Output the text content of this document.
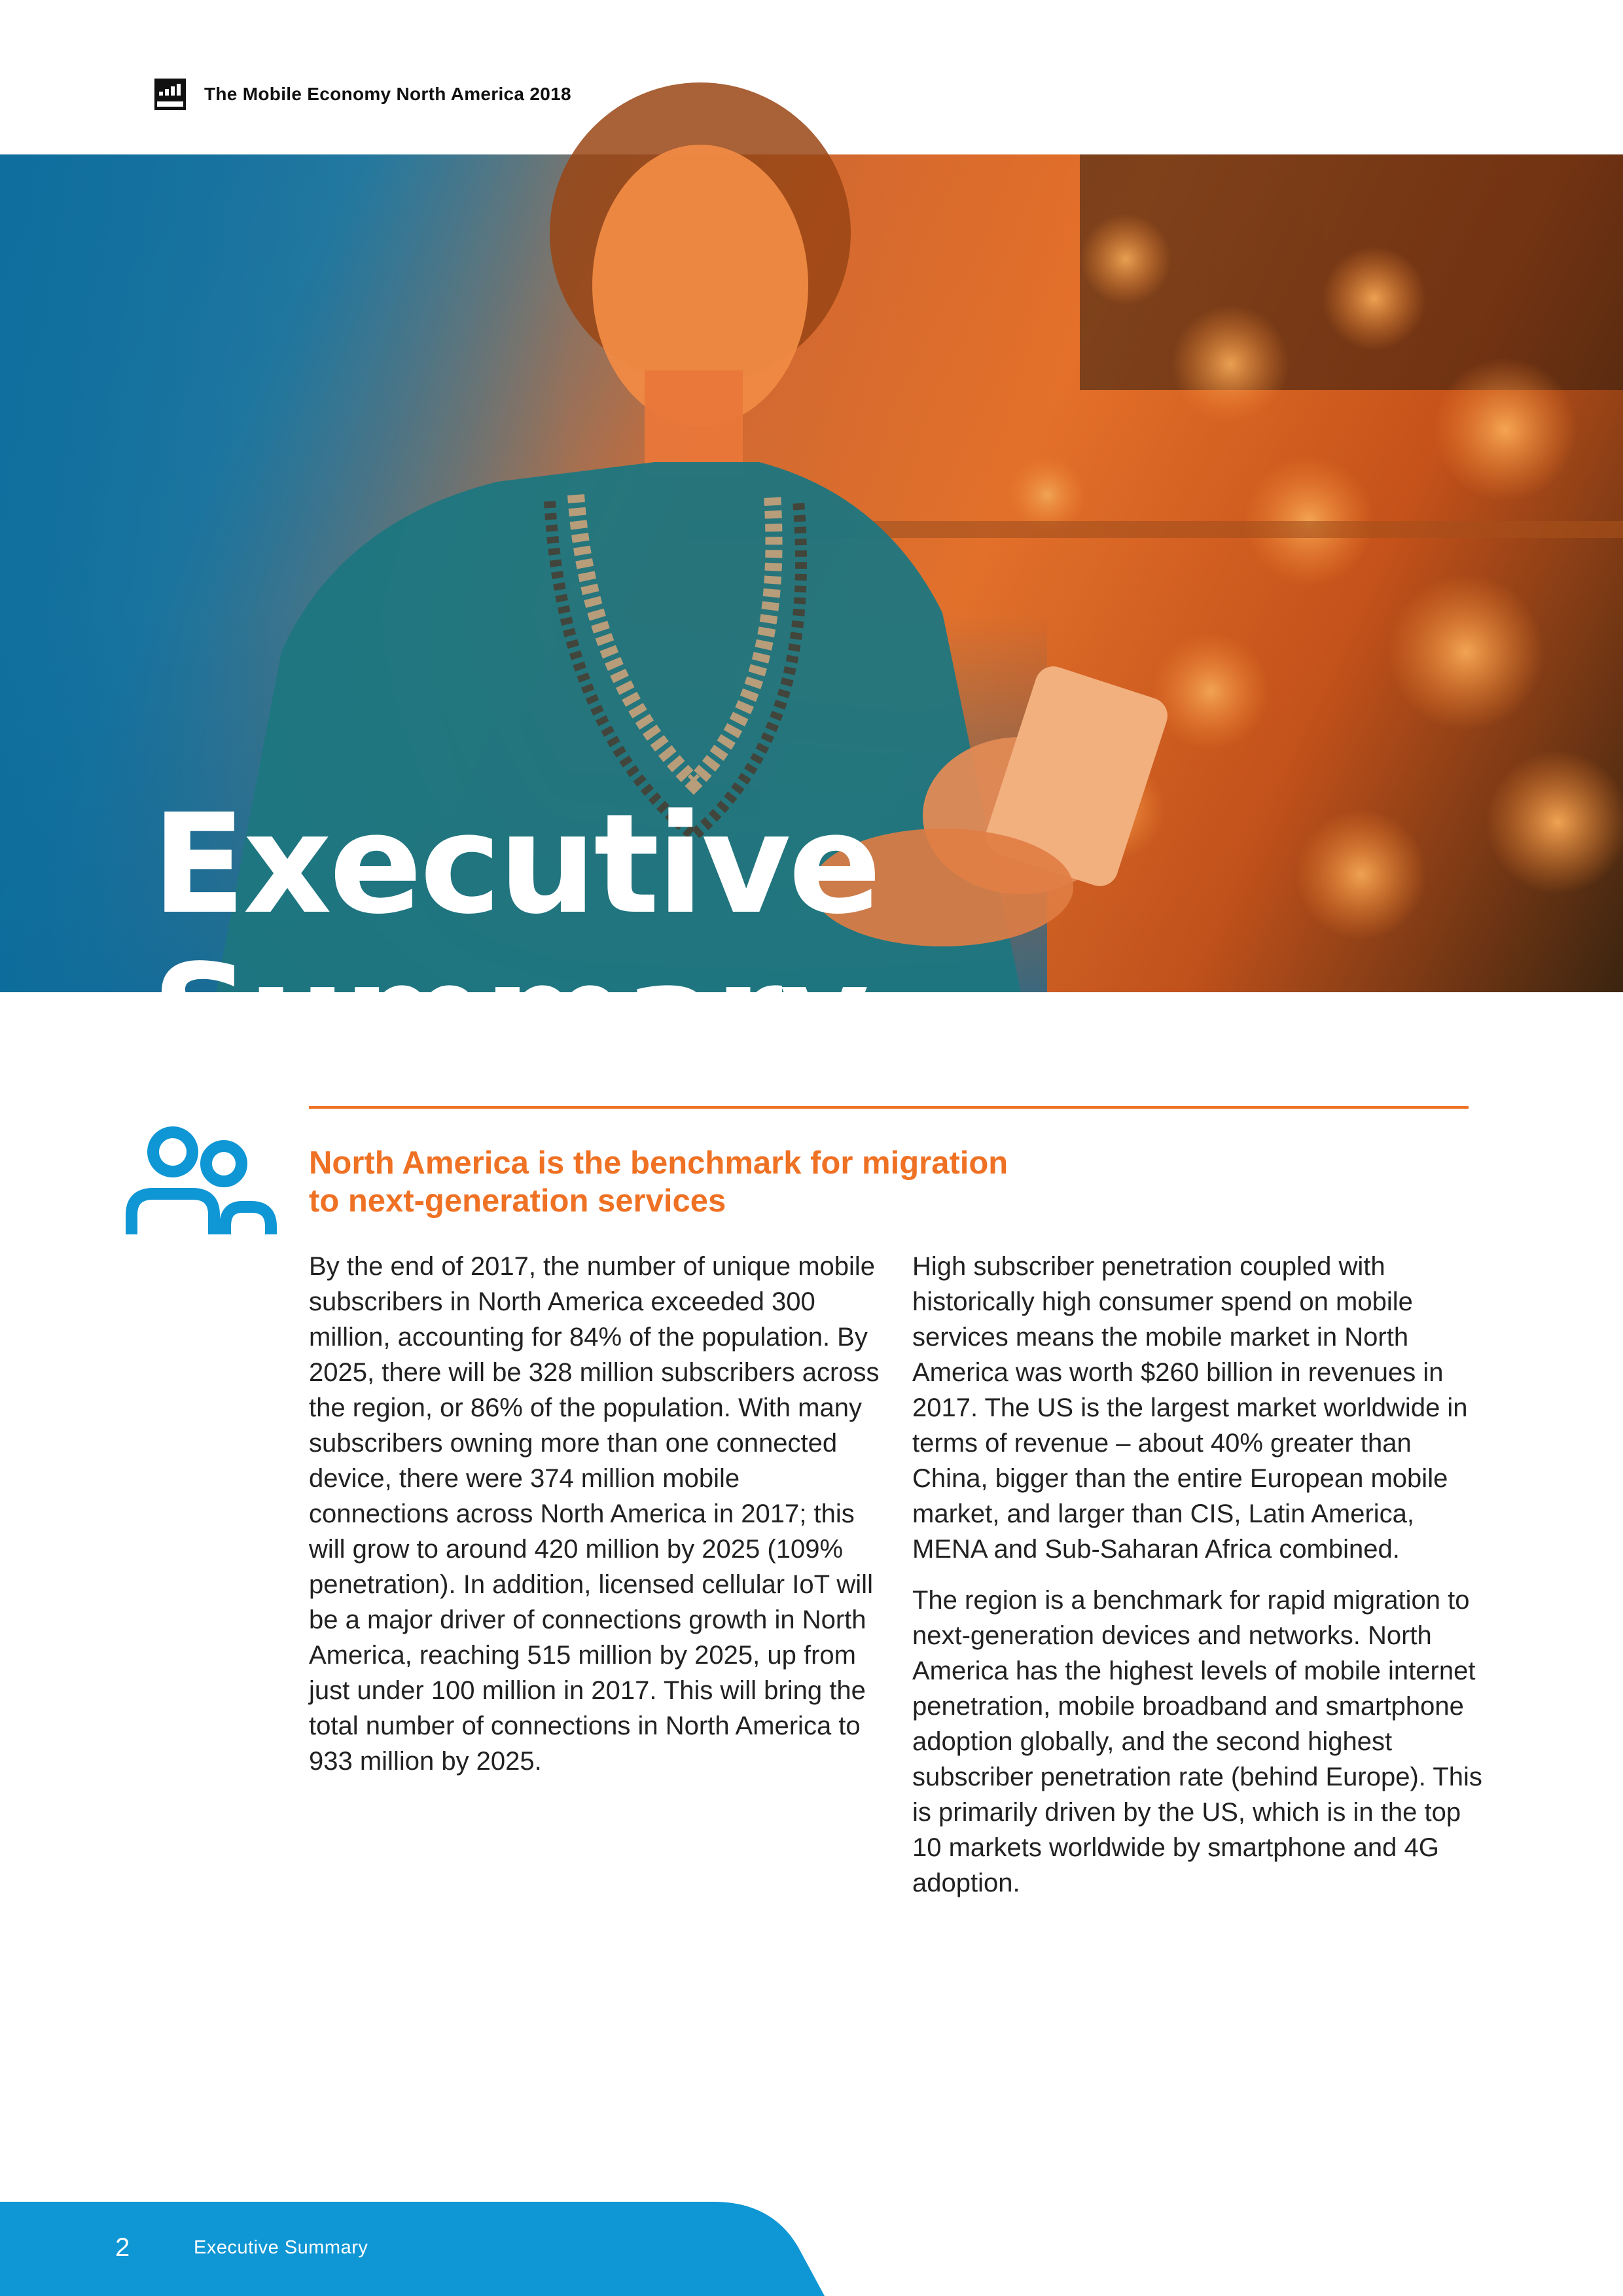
The Mobile Economy North America 2018
Executive
Summary
North America is the benchmark for migration
to next-generation services

By the end of 2017, the number of unique mobile subscribers in North America exceeded 300 million, accounting for 84% of the population. By 2025, there will be 328 million subscribers across the region, or 86% of the population. With many subscribers owning more than one connected device, there were 374 million mobile connections across North America in 2017; this will grow to around 420 million by 2025 (109% penetration). In addition, licensed cellular IoT will be a major driver of connections growth in North America, reaching 515 million by 2025, up from just under 100 million in 2017. This will bring the total number of connections in North America to 933 million by 2025.

High subscriber penetration coupled with historically high consumer spend on mobile services means the mobile market in North America was worth $260 billion in revenues in 2017. The US is the largest market worldwide in terms of revenue – about 40% greater than China, bigger than the entire European mobile market, and larger than CIS, Latin America, MENA and Sub-Saharan Africa combined.

The region is a benchmark for rapid migration to next-generation devices and networks. North America has the highest levels of mobile internet penetration, mobile broadband and smartphone adoption globally, and the second highest subscriber penetration rate (behind Europe). This is primarily driven by the US, which is in the top 10 markets worldwide by smartphone and 4G adoption.

2	Executive Summary
